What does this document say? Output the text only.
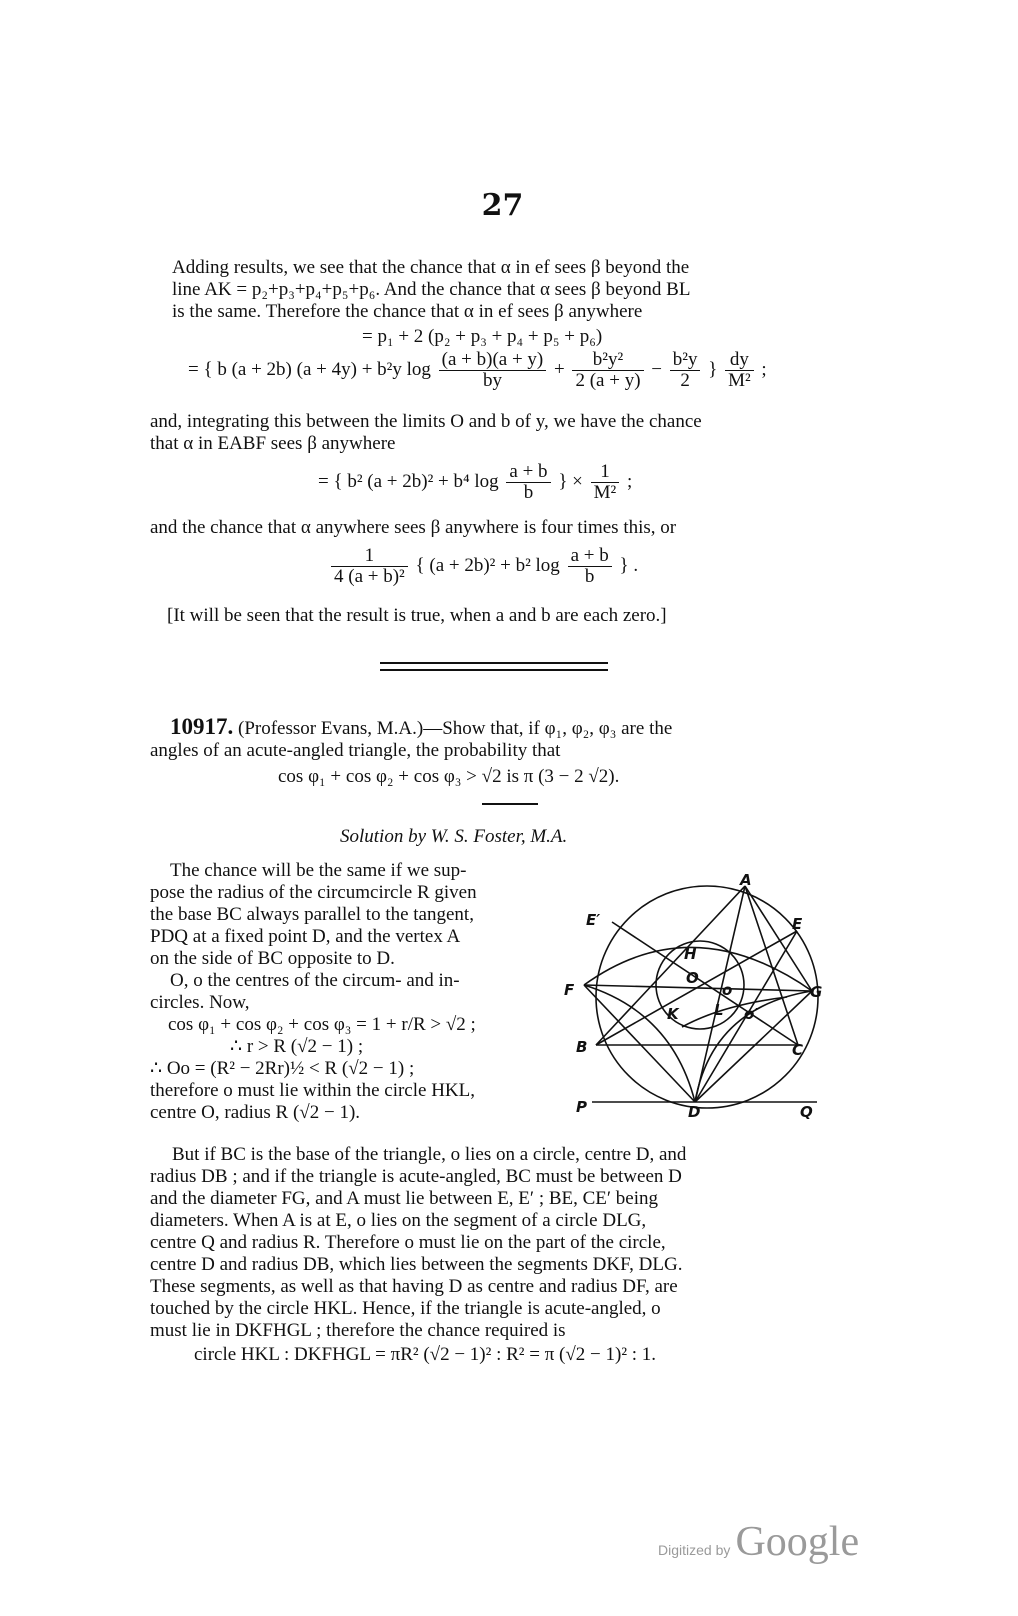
27
Adding results, we see that the chance that α in ef sees β beyond the
line AK = p₂+p₃+p₄+p₅+p₆. And the chance that α sees β beyond BL
is the same. Therefore the chance that α in ef sees β anywhere
= p₁ + 2 (p₂ + p₃ + p₄ + p₅ + p₆)
= { b (a + 2b) (a + 4y) + b²y $\log \frac{(a + b)(a + y)}{by} + \frac{\text{b²y²}}{2 (a + y)} - \frac{\text{b²y}}{2}$ } $\frac{dy}{\text{M²}}$ ;
and, integrating this between the limits O and b of y, we have the chance
that α in EABF sees β anywhere
= { b² (a + 2b)² + b⁴ $\log \frac{a + b}{b}$ } × $\frac{1}{\text{M²}}$ ;
and the chance that α anywhere sees β anywhere is four times this, or
$\frac{1}{\text{4 (a + b)²}}$ { (a + 2b)² + b² $\log \frac{a + b}{b}$ } .
[It will be seen that the result is true, when a and b are each zero.]
10917. (Professor Evans, M.A.)—Show that, if φ₁, φ₂, φ₃ are the
angles of an acute-angled triangle, the probability that
cos φ₁ + cos φ₂ + cos φ₃ > √2 is π (3 − 2 √2).
Solution by W. S. Foster, M.A.
The chance will be the same if we sup-
pose the radius of the circumcircle R given
the base BC always parallel to the tangent,
PDQ at a fixed point D, and the vertex A
on the side of BC opposite to D.
O, o the centres of the circum- and in-
circles. Now,
cos φ₁ + cos φ₂ + cos φ₃ = 1 + r/R > √2 ;
∴ r > R (√2 − 1) ;
∴ Oo = (R² − 2Rr)½ < R (√2 − 1) ;
therefore o must lie within the circle HKL,
centre O, radius R (√2 − 1).
A
E′	E
H
O
F	G
o
K L o′
B	C
P	D	Q
But if BC is the base of the triangle, o lies on a circle, centre D, and
radius DB ; and if the triangle is acute-angled, BC must be between D
and the diameter FG, and A must lie between E, E′ ; BE, CE′ being
diameters. When A is at E, o lies on the segment of a circle DLG,
centre Q and radius R. Therefore o must lie on the part of the circle,
centre D and radius DB, which lies between the segments DKF, DLG.
These segments, as well as that having D as centre and radius DF, are
touched by the circle HKL. Hence, if the triangle is acute-angled, o
must lie in DKFHGL ; therefore the chance required is
circle HKL : DKFHGL = πR² (√2 − 1)² : R² = π (√2 − 1)² : 1.
Digitized by Google
